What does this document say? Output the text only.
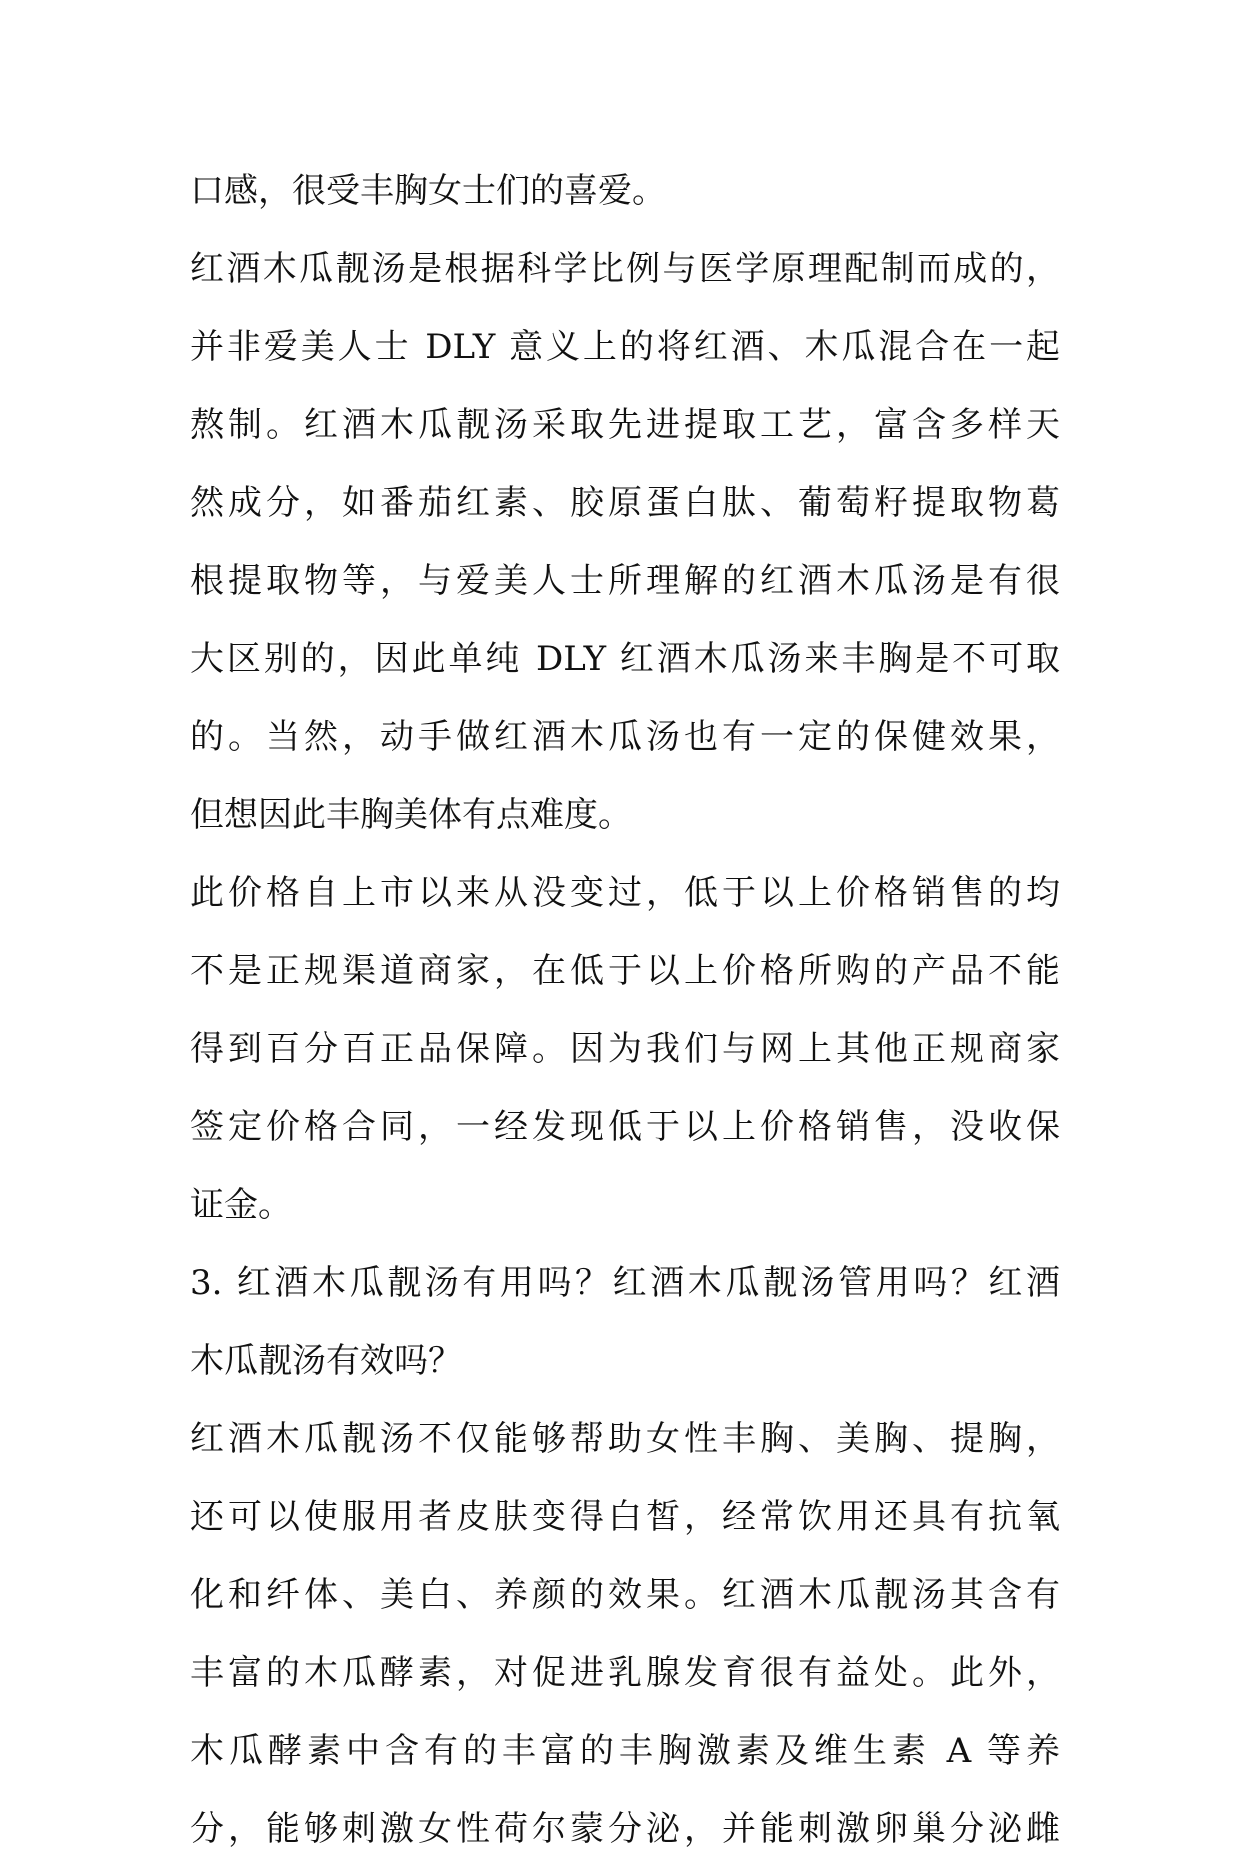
口感，很受丰胸女士们的喜爱。
红酒木瓜靓汤是根据科学比例与医学原理配制而成的，
并非爱美人士 DLY 意义上的将红酒、木瓜混合在一起
熬制。红酒木瓜靓汤采取先进提取工艺，富含多样天
然成分，如番茄红素、胶原蛋白肽、葡萄籽提取物葛
根提取物等，与爱美人士所理解的红酒木瓜汤是有很
大区别的，因此单纯 DLY 红酒木瓜汤来丰胸是不可取
的。当然，动手做红酒木瓜汤也有一定的保健效果，
但想因此丰胸美体有点难度。
此价格自上市以来从没变过，低于以上价格销售的均
不是正规渠道商家，在低于以上价格所购的产品不能
得到百分百正品保障。因为我们与网上其他正规商家
签定价格合同，一经发现低于以上价格销售，没收保
证金。
3. 红酒木瓜靓汤有用吗？红酒木瓜靓汤管用吗？红酒
木瓜靓汤有效吗？
红酒木瓜靓汤不仅能够帮助女性丰胸、美胸、提胸，
还可以使服用者皮肤变得白皙，经常饮用还具有抗氧
化和纤体、美白、养颜的效果。红酒木瓜靓汤其含有
丰富的木瓜酵素，对促进乳腺发育很有益处。此外，
木瓜酵素中含有的丰富的丰胸激素及维生素 A 等养
分，能够刺激女性荷尔蒙分泌，并能刺激卵巢分泌雌
